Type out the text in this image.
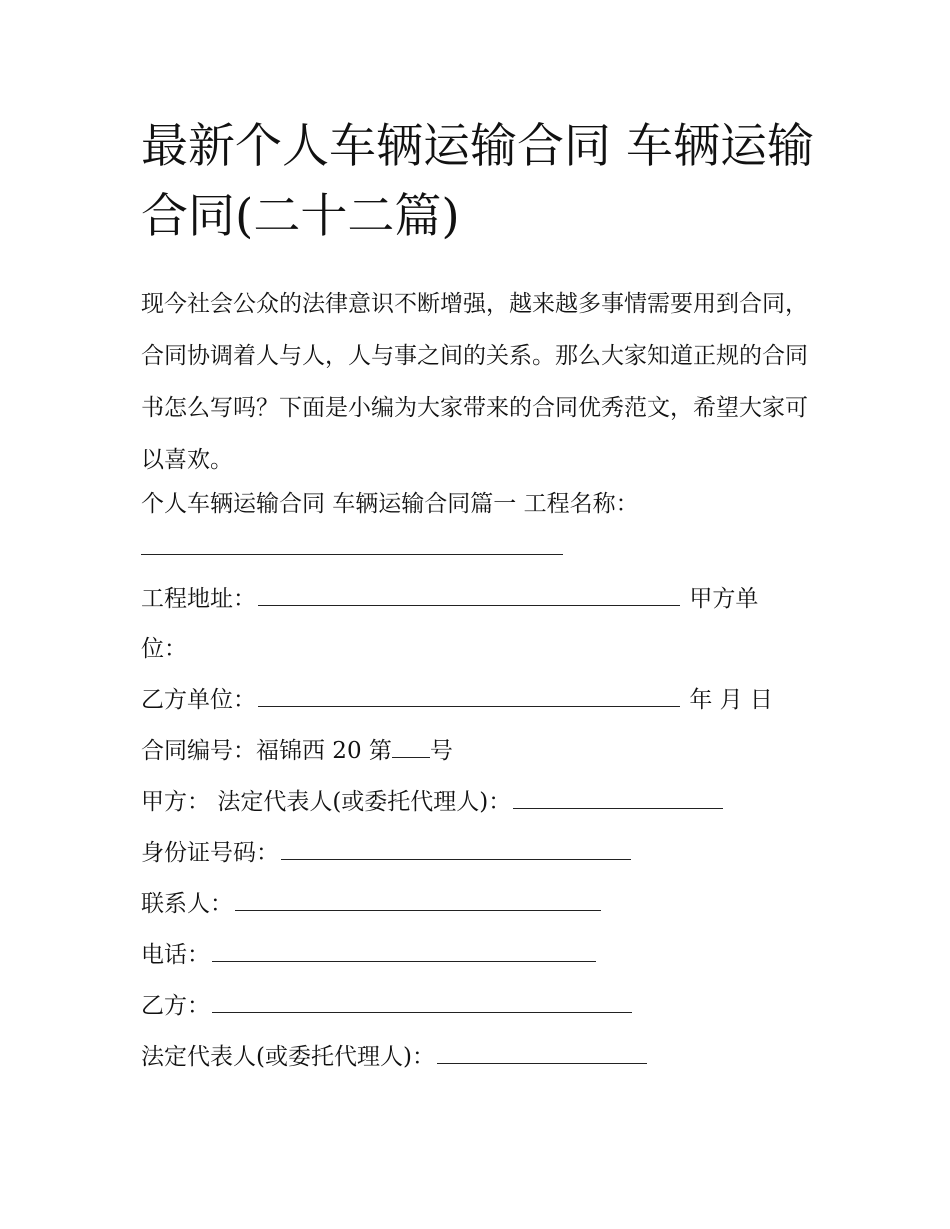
最新个人车辆运输合同 车辆运输合同(二十二篇)

现今社会公众的法律意识不断增强，越来越多事情需要用到合同，合同协调着人与人，人与事之间的关系。那么大家知道正规的合同书怎么写吗？下面是小编为大家带来的合同优秀范文，希望大家可以喜欢。

个人车辆运输合同 车辆运输合同篇一 工程名称：
工程地址：	甲方单
位：
乙方单位：	年 月 日
合同编号：福锦西 20 第 号
甲方： 法定代表人(或委托代理人)：
身份证号码：
联系人：
电话：
乙方：
法定代表人(或委托代理人)：
